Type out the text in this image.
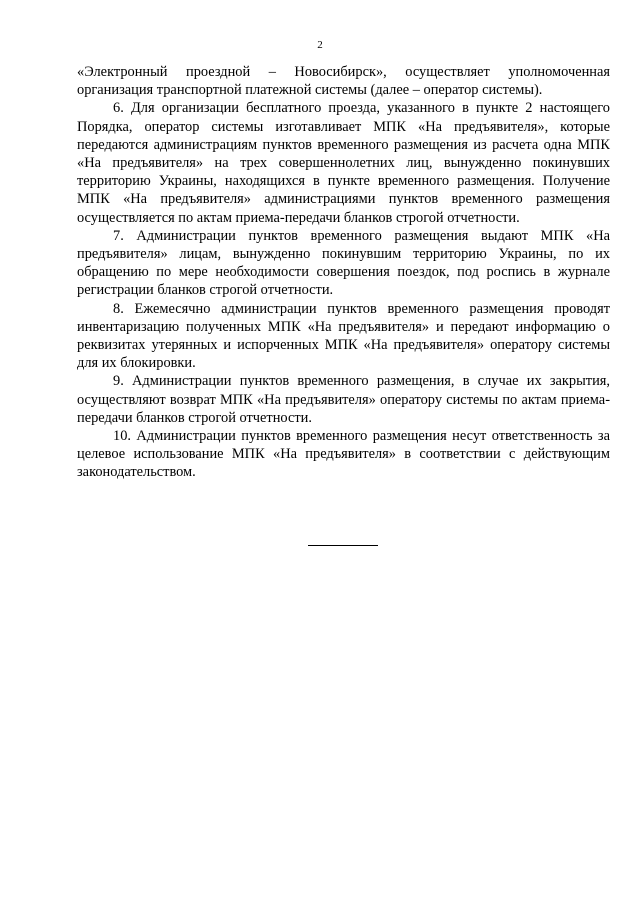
2

«Электронный проездной – Новосибирск», осуществляет уполномоченная организация транспортной платежной системы (далее – оператор системы).

6. Для организации бесплатного проезда, указанного в пункте 2 настоящего Порядка, оператор системы изготавливает МПК «На предъявителя», которые передаются администрациям пунктов временного размещения из расчета одна МПК «На предъявителя» на трех совершеннолетних лиц, вынужденно покинувших территорию Украины, находящихся в пункте временного размещения. Получение МПК «На предъявителя» администрациями пунктов временного размещения осуществляется по актам приема-передачи бланков строгой отчетности.

7. Администрации пунктов временного размещения выдают МПК «На предъявителя» лицам, вынужденно покинувшим территорию Украины, по их обращению по мере необходимости совершения поездок, под роспись в журнале регистрации бланков строгой отчетности.

8. Ежемесячно администрации пунктов временного размещения проводят инвентаризацию полученных МПК «На предъявителя» и передают информацию о реквизитах утерянных и испорченных МПК «На предъявителя» оператору системы для их блокировки.

9. Администрации пунктов временного размещения, в случае их закрытия, осуществляют возврат МПК «На предъявителя» оператору системы по актам приема-передачи бланков строгой отчетности.

10. Администрации пунктов временного размещения несут ответственность за целевое использование МПК «На предъявителя» в соответствии с действующим законодательством.
